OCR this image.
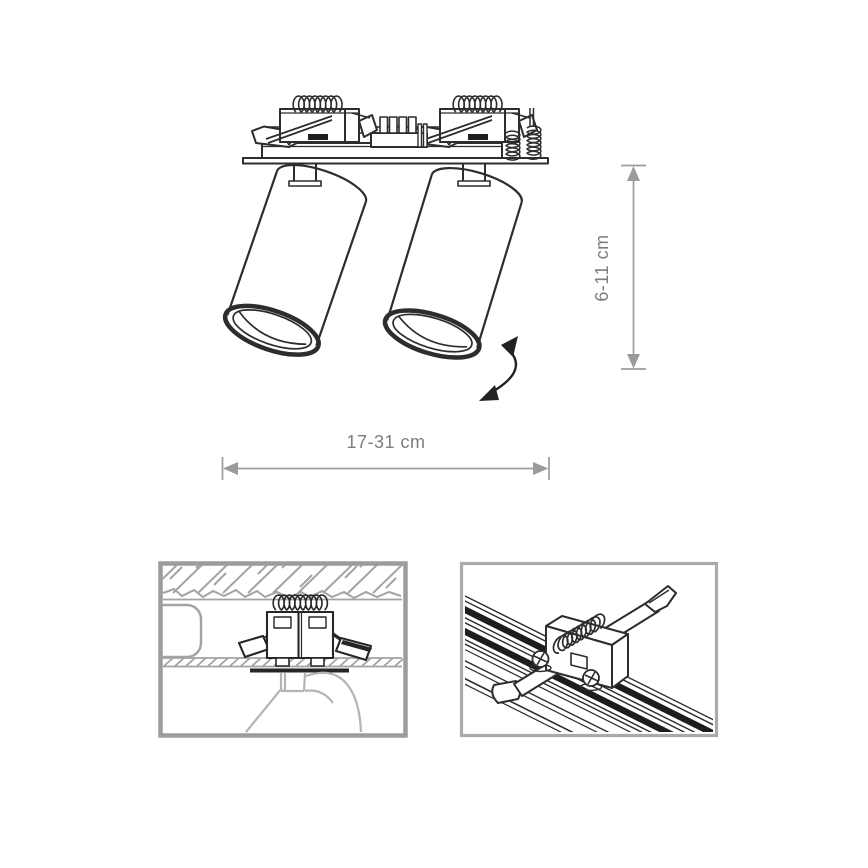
6-11 cm
17-31 cm
